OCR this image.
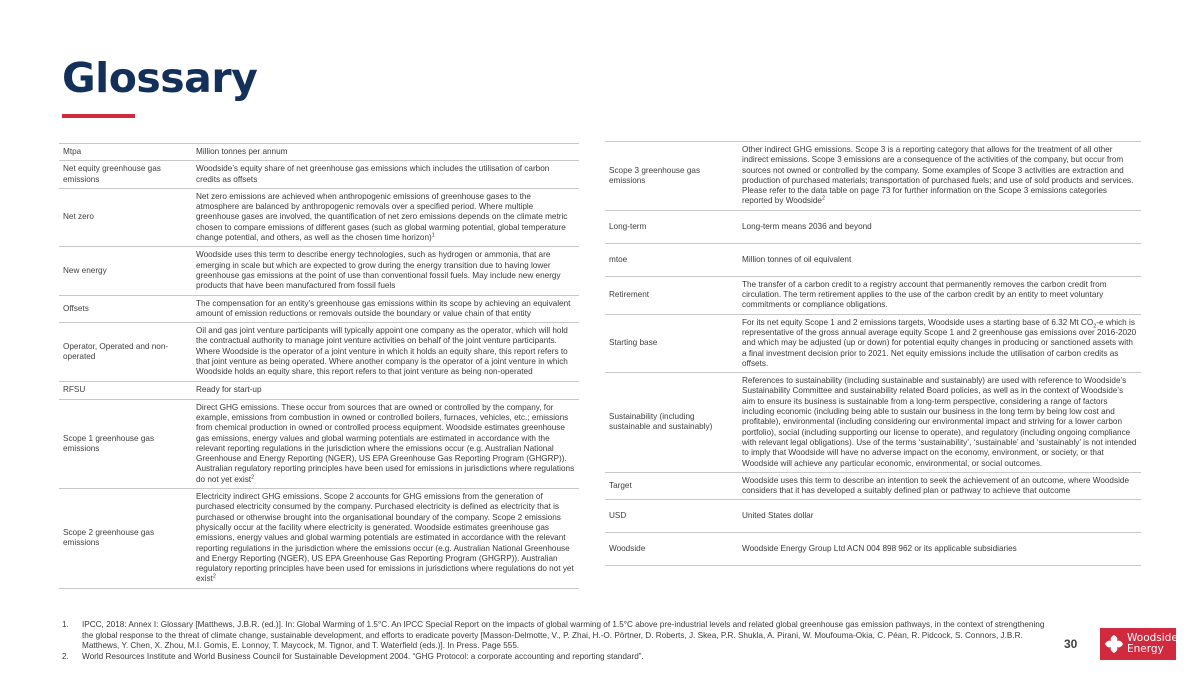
Glossary
Mtpa	Million tonnes per annum
Net equity greenhouse gas emissions	Woodside’s equity share of net greenhouse gas emissions which includes the utilisation of carbon credits as offsets
Net zero	Net zero emissions are achieved when anthropogenic emissions of greenhouse gases to the atmosphere are balanced by anthropogenic removals over a specified period. Where multiple greenhouse gases are involved, the quantification of net zero emissions depends on the climate metric chosen to compare emissions of different gases (such as global warming potential, global temperature change potential, and others, as well as the chosen time horizon)$^1$
New energy	Woodside uses this term to describe energy technologies, such as hydrogen or ammonia, that are emerging in scale but which are expected to grow during the energy transition due to having lower greenhouse gas emissions at the point of use than conventional fossil fuels. May include new energy products that have been manufactured from fossil fuels
Offsets	The compensation for an entity’s greenhouse gas emissions within its scope by achieving an equivalent amount of emission reductions or removals outside the boundary or value chain of that entity
Operator, Operated and non-operated	Oil and gas joint venture participants will typically appoint one company as the operator, which will hold the contractual authority to manage joint venture activities on behalf of the joint venture participants. Where Woodside is the operator of a joint venture in which it holds an equity share, this report refers to that joint venture as being operated. Where another company is the operator of a joint venture in which Woodside holds an equity share, this report refers to that joint venture as being non-operated
RFSU	Ready for start-up
Scope 1 greenhouse gas emissions	Direct GHG emissions. These occur from sources that are owned or controlled by the company, for example, emissions from combustion in owned or controlled boilers, furnaces, vehicles, etc.; emissions from chemical production in owned or controlled process equipment. Woodside estimates greenhouse gas emissions, energy values and global warming potentials are estimated in accordance with the relevant reporting regulations in the jurisdiction where the emissions occur (e.g. Australian National Greenhouse and Energy Reporting (NGER), US EPA Greenhouse Gas Reporting Program (GHGRP)). Australian regulatory reporting principles have been used for emissions in jurisdictions where regulations do not yet exist$^2$
Scope 2 greenhouse gas emissions	Electricity indirect GHG emissions. Scope 2 accounts for GHG emissions from the generation of purchased electricity consumed by the company. Purchased electricity is defined as electricity that is purchased or otherwise brought into the organisational boundary of the company. Scope 2 emissions physically occur at the facility where electricity is generated. Woodside estimates greenhouse gas emissions, energy values and global warming potentials are estimated in accordance with the relevant reporting regulations in the jurisdiction where the emissions occur (e.g. Australian National Greenhouse and Energy Reporting (NGER), US EPA Greenhouse Gas Reporting Program (GHGRP)). Australian regulatory reporting principles have been used for emissions in jurisdictions where regulations do not yet exist$^2$
Scope 3 greenhouse gas emissions	Other indirect GHG emissions. Scope 3 is a reporting category that allows for the treatment of all other indirect emissions. Scope 3 emissions are a consequence of the activities of the company, but occur from sources not owned or controlled by the company. Some examples of Scope 3 activities are extraction and production of purchased materials; transportation of purchased fuels; and use of sold products and services. Please refer to the data table on page 73 for further information on the Scope 3 emissions categories reported by Woodside$^2$
Long-term	Long-term means 2036 and beyond
mtoe	Million tonnes of oil equivalent
Retirement	The transfer of a carbon credit to a registry account that permanently removes the carbon credit from circulation. The term retirement applies to the use of the carbon credit by an entity to meet voluntary commitments or compliance obligations.
Starting base	For its net equity Scope 1 and 2 emissions targets, Woodside uses a starting base of 6.32 Mt $CO_2-e$ which is representative of the gross annual average equity Scope 1 and 2 greenhouse gas emissions over 2016-2020 and which may be adjusted (up or down) for potential equity changes in producing or sanctioned assets with a final investment decision prior to 2021. Net equity emissions include the utilisation of carbon credits as offsets.
Sustainability (including sustainable and sustainably)	References to sustainability (including sustainable and sustainably) are used with reference to Woodside’s Sustainability Committee and sustainability related Board policies, as well as in the context of Woodside’s aim to ensure its business is sustainable from a long-term perspective, considering a range of factors including economic (including being able to sustain our business in the long term by being low cost and profitable), environmental (including considering our environmental impact and striving for a lower carbon portfolio), social (including supporting our license to operate), and regulatory (including ongoing compliance with relevant legal obligations). Use of the terms ‘sustainability’, ‘sustainable’ and ‘sustainably’ is not intended to imply that Woodside will have no adverse impact on the economy, environment, or society, or that Woodside will achieve any particular economic, environmental, or social outcomes.
Target	Woodside uses this term to describe an intention to seek the achievement of an outcome, where Woodside considers that it has developed a suitably defined plan or pathway to achieve that outcome
USD	United States dollar
Woodside	Woodside Energy Group Ltd ACN 004 898 962 or its applicable subsidiaries
1.	IPCC, 2018: Annex I: Glossary [Matthews, J.B.R. (ed.)]. In: Global Warming of 1.5°C. An IPCC Special Report on the impacts of global warming of 1.5°C above pre-industrial levels and related global greenhouse gas emission pathways, in the context of strengthening the global response to the threat of climate change, sustainable development, and efforts to eradicate poverty [Masson-Delmotte, V., P. Zhai, H.-O. Pörtner, D. Roberts, J. Skea, P.R. Shukla, A. Pirani, W. Moufouma-Okia, C. Péan, R. Pidcock, S. Connors, J.B.R. Matthews, Y. Chen, X. Zhou, M.I. Gomis, E. Lonnoy, T. Maycock, M. Tignor, and T. Waterfield (eds.)]. In Press. Page 555.
2.	World Resources Institute and World Business Council for Sustainable Development 2004. “GHG Protocol: a corporate accounting and reporting standard”.
30	Woodside
Energy
